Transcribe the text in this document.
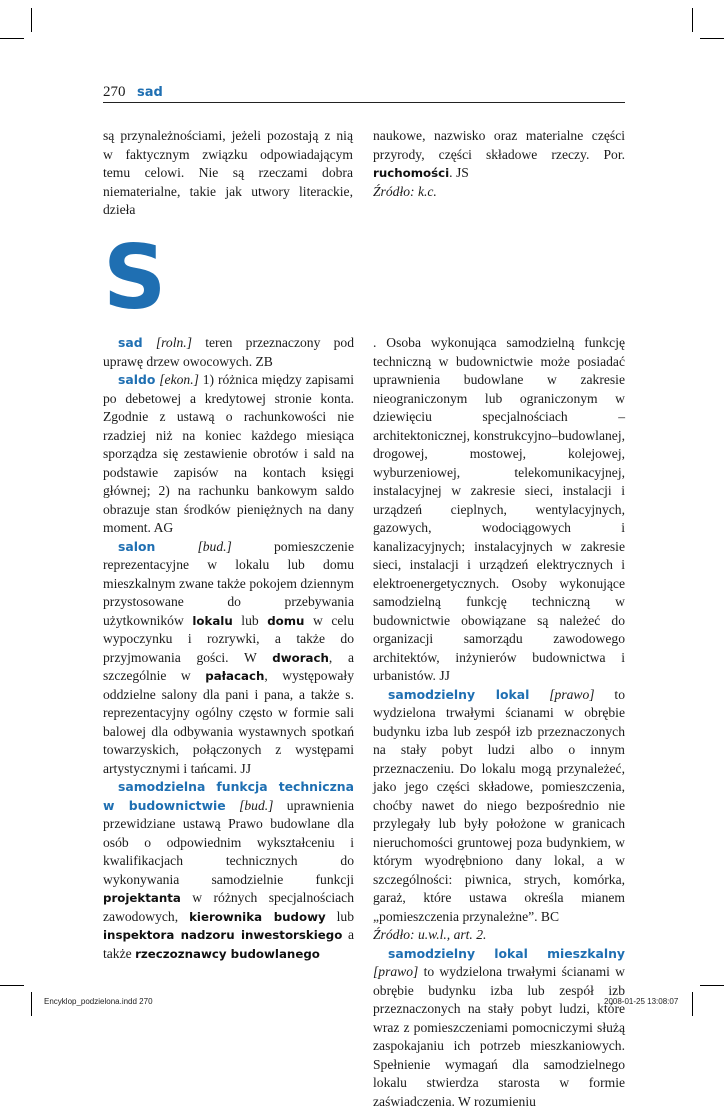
270 sad

są przynależnościami, jeżeli pozostają z nią w faktycznym związku odpowiadającym temu celowi. Nie są rzeczami dobra niematerialne, takie jak utwory literackie, dzieła

naukowe, nazwisko oraz materialne części przyrody, części składowe rzeczy. Por. ruchomości. JS

Źródło: k.c.

S

sad [roln.] teren przeznaczony pod uprawę drzew owocowych. ZB

saldo [ekon.] 1) różnica między zapisami po debetowej a kredytowej stronie konta. Zgodnie z ustawą o rachunkowości nie rzadziej niż na koniec każdego miesiąca sporządza się zestawienie obrotów i sald na podstawie zapisów na kontach księgi głównej; 2) na rachunku bankowym saldo obrazuje stan środków pieniężnych na dany moment. AG

salon	[bud.] pomieszczenie reprezentacyjne w lokalu lub domu mieszkalnym zwane także pokojem dziennym przystosowane do przebywania użytkowników lokalu lub domu w celu wypoczynku i rozrywki, a także do przyjmowania gości. W dworach, a szczególnie w pałacach, występowały oddzielne salony dla pani i pana, a także s. reprezentacyjny ogólny często w formie sali balowej dla odbywania wystawnych spotkań towarzyskich, połączonych z występami artystycznymi i tańcami. JJ

samodzielna funkcja techniczna w budownictwie [bud.] uprawnienia przewidziane ustawą Prawo budowlane dla osób o odpowiednim wykształceniu i kwalifikacjach technicznych do wykonywania samodzielnie funkcji projektanta w różnych specjalnościach zawodowych, kierownika budowy lub inspektora nadzoru inwestorskiego a także rzeczoznawcy budowlanego

. Osoba wykonująca samodzielną funkcję techniczną w budownictwie może posiadać uprawnienia budowlane w zakresie nieograniczonym lub ograniczonym w dziewięciu specjalnościach – architektonicznej, konstrukcyjno–budowlanej, drogowej, mostowej, kolejowej, wyburzeniowej, telekomunikacyjnej, instalacyjnej w zakresie sieci, instalacji i urządzeń cieplnych, wentylacyjnych, gazowych, wodociągowych i kanalizacyjnych; instalacyjnych w zakresie sieci, instalacji i urządzeń elektrycznych i elektroenergetycznych. Osoby wykonujące samodzielną funkcję techniczną w budownictwie obowiązane są należeć do organizacji samorządu zawodowego architektów, inżynierów budownictwa i urbanistów. JJ

samodzielny lokal [prawo] to wydzielona trwałymi ścianami w obrębie budynku izba lub zespół izb przeznaczonych na stały pobyt ludzi albo o innym przeznaczeniu. Do lokalu mogą przynależeć, jako jego części składowe, pomieszczenia, choćby nawet do niego bezpośrednio nie przylegały lub były położone w granicach nieruchomości gruntowej poza budynkiem, w którym wyodrębniono dany lokal, a w szczególności: piwnica, strych, komórka, garaż, które ustawa określa mianem „pomieszczenia przynależne”. BC

Źródło: u.w.l., art. 2.

samodzielny lokal mieszkalny [prawo] to wydzielona trwałymi ścianami w obrębie budynku izba lub zespół izb przeznaczonych na stały pobyt ludzi, które wraz z pomieszczeniami pomocniczymi służą zaspokajaniu ich potrzeb mieszkaniowych. Spełnienie wymagań dla samodzielnego lokalu stwierdza starosta w formie zaświadczenia. W rozumieniu

Encyklop_podzielona.indd 270	2008-01-25 13:08:07
